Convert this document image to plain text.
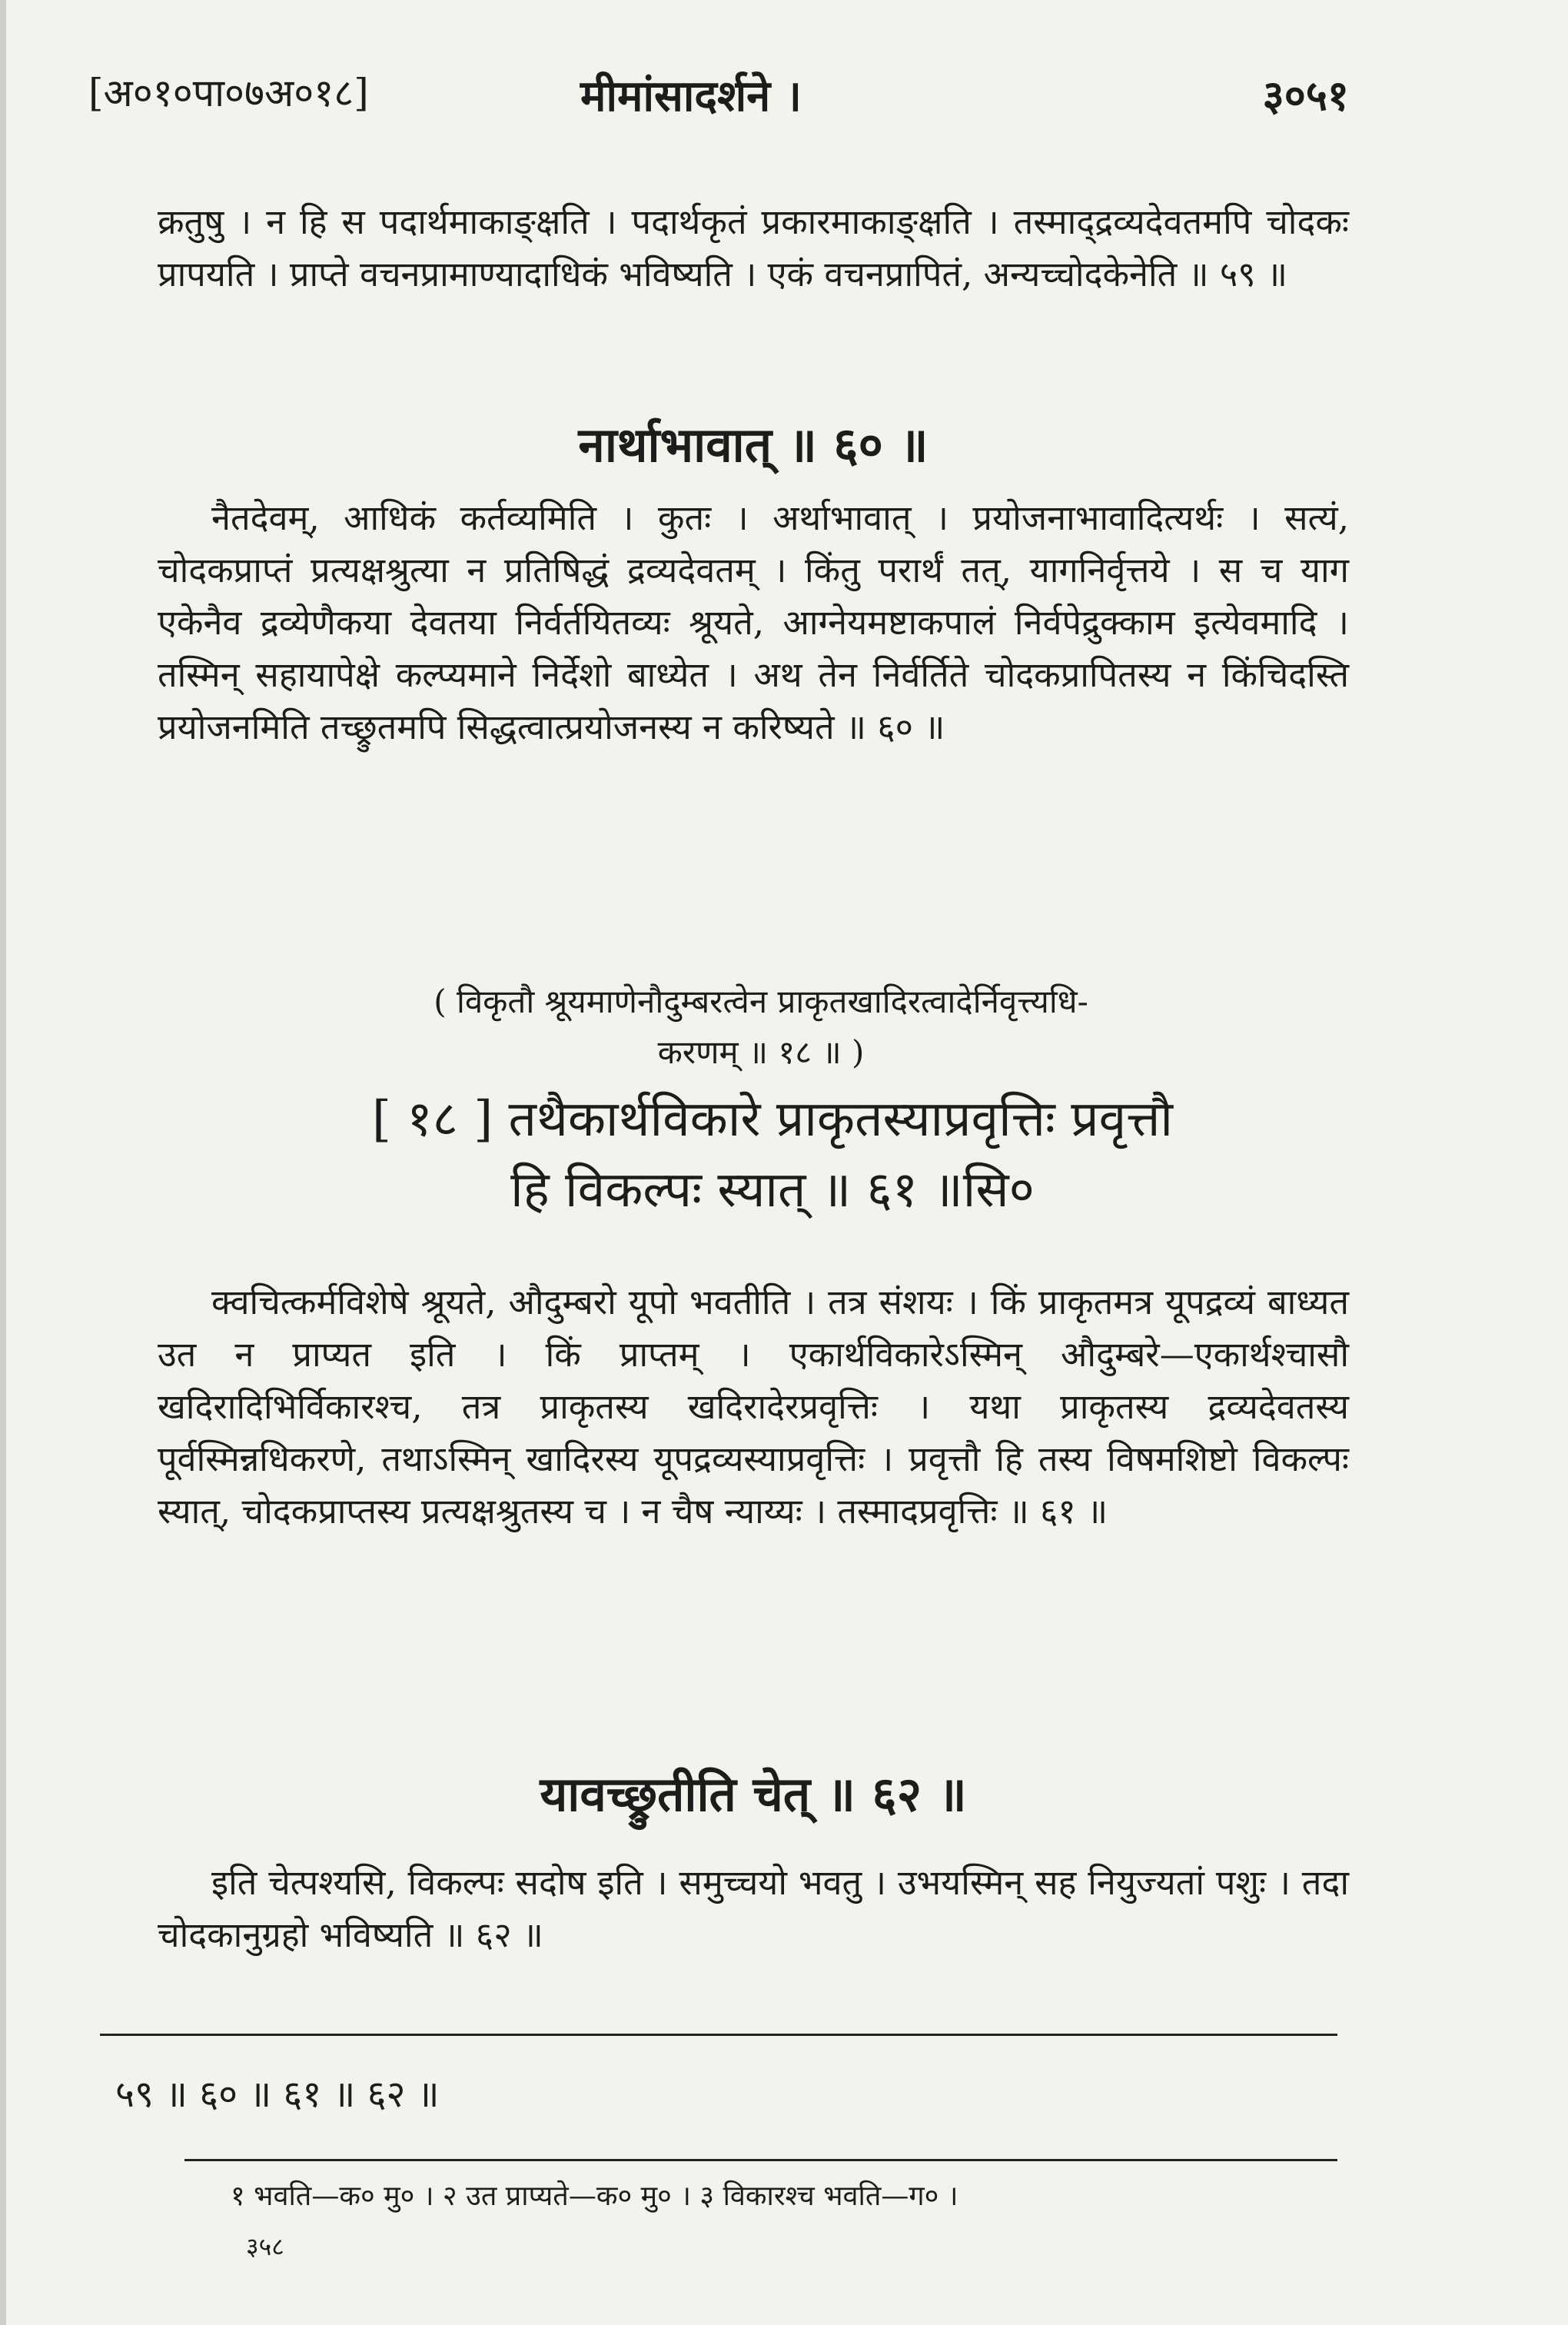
[अ०१०पा०७अ०१८]	मीमांसादर्शने ।	३०५१
क्रतुषु । न हि स पदार्थमाकाङ्क्षति । पदार्थकृतं प्रकारमाकाङ्क्षति । तस्माद्द्रव्यदेवतमपि चोदकः प्रापयति । प्राप्ते वचनप्रामाण्यादाधिकं भविष्यति । एकं वचनप्रापितं, अन्यच्चोदकेनेति ॥ ५९ ॥
नार्थाभावात् ॥ ६० ॥
नैतदेवम्, आधिकं कर्तव्यमिति । कुतः । अर्थाभावात् । प्रयोजनाभावादित्यर्थः । सत्यं, चोदकप्राप्तं प्रत्यक्षश्रुत्या न प्रतिषिद्धं द्रव्यदेवतम् । किंतु परार्थं तत्, यागनिर्वृत्तये । स च याग एकेनैव द्रव्येणैकया देवतया निर्वर्तयितव्यः श्रूयते, आग्नेयमष्टाकपालं निर्वपेद्रुक्काम इत्येवमादि । तस्मिन् सहायापेक्षे कल्प्यमाने निर्देशो बाध्येत । अथ तेन निर्वर्तिते चोदकप्रापितस्य न किंचिदस्ति प्रयोजनमिति तच्छ्रुतमपि सिद्धत्वात्प्रयोजनस्य न करिष्यते ॥ ६० ॥
( विकृतौ श्रूयमाणेनौदुम्बरत्वेन प्राकृतखादिरत्वादेर्निवृत्त्यधि-
करणम् ॥ १८ ॥ )
[ १८ ] तथैकार्थविकारे प्राकृतस्याप्रवृत्तिः प्रवृत्तौ
हि विकल्पः स्यात् ॥ ६१ ॥सि०
क्वचित्कर्मविशेषे श्रूयते, औदुम्बरो यूपो भवतीति । तत्र संशयः । किं प्राकृतमत्र यूपद्रव्यं बाध्यत उत न प्राप्यत इति । किं प्राप्तम् । एकार्थविकारेऽस्मिन् औदुम्बरे—एकार्थश्चासौ खदिरादिभिर्विकारश्च, तत्र प्राकृतस्य खदिरादेरप्रवृत्तिः । यथा प्राकृतस्य द्रव्यदेवतस्य पूर्वस्मिन्नधिकरणे, तथाऽस्मिन् खादिरस्य यूपद्रव्यस्याप्रवृत्तिः । प्रवृत्तौ हि तस्य विषमशिष्टो विकल्पः स्यात्, चोदकप्राप्तस्य प्रत्यक्षश्रुतस्य च । न चैष न्याय्यः । तस्मादप्रवृत्तिः ॥ ६१ ॥
यावच्छ्रुतीति चेत् ॥ ६२ ॥
इति चेत्पश्यसि, विकल्पः सदोष इति । समुच्चयो भवतु । उभयस्मिन् सह नियुज्यतां पशुः । तदा चोदकानुग्रहो भविष्यति ॥ ६२ ॥
५९ ॥ ६० ॥ ६१ ॥ ६२ ॥
१ भवति—क० मु० । २ उत प्राप्यते—क० मु० । ३ विकारश्च भवति—ग० ।
३५८
